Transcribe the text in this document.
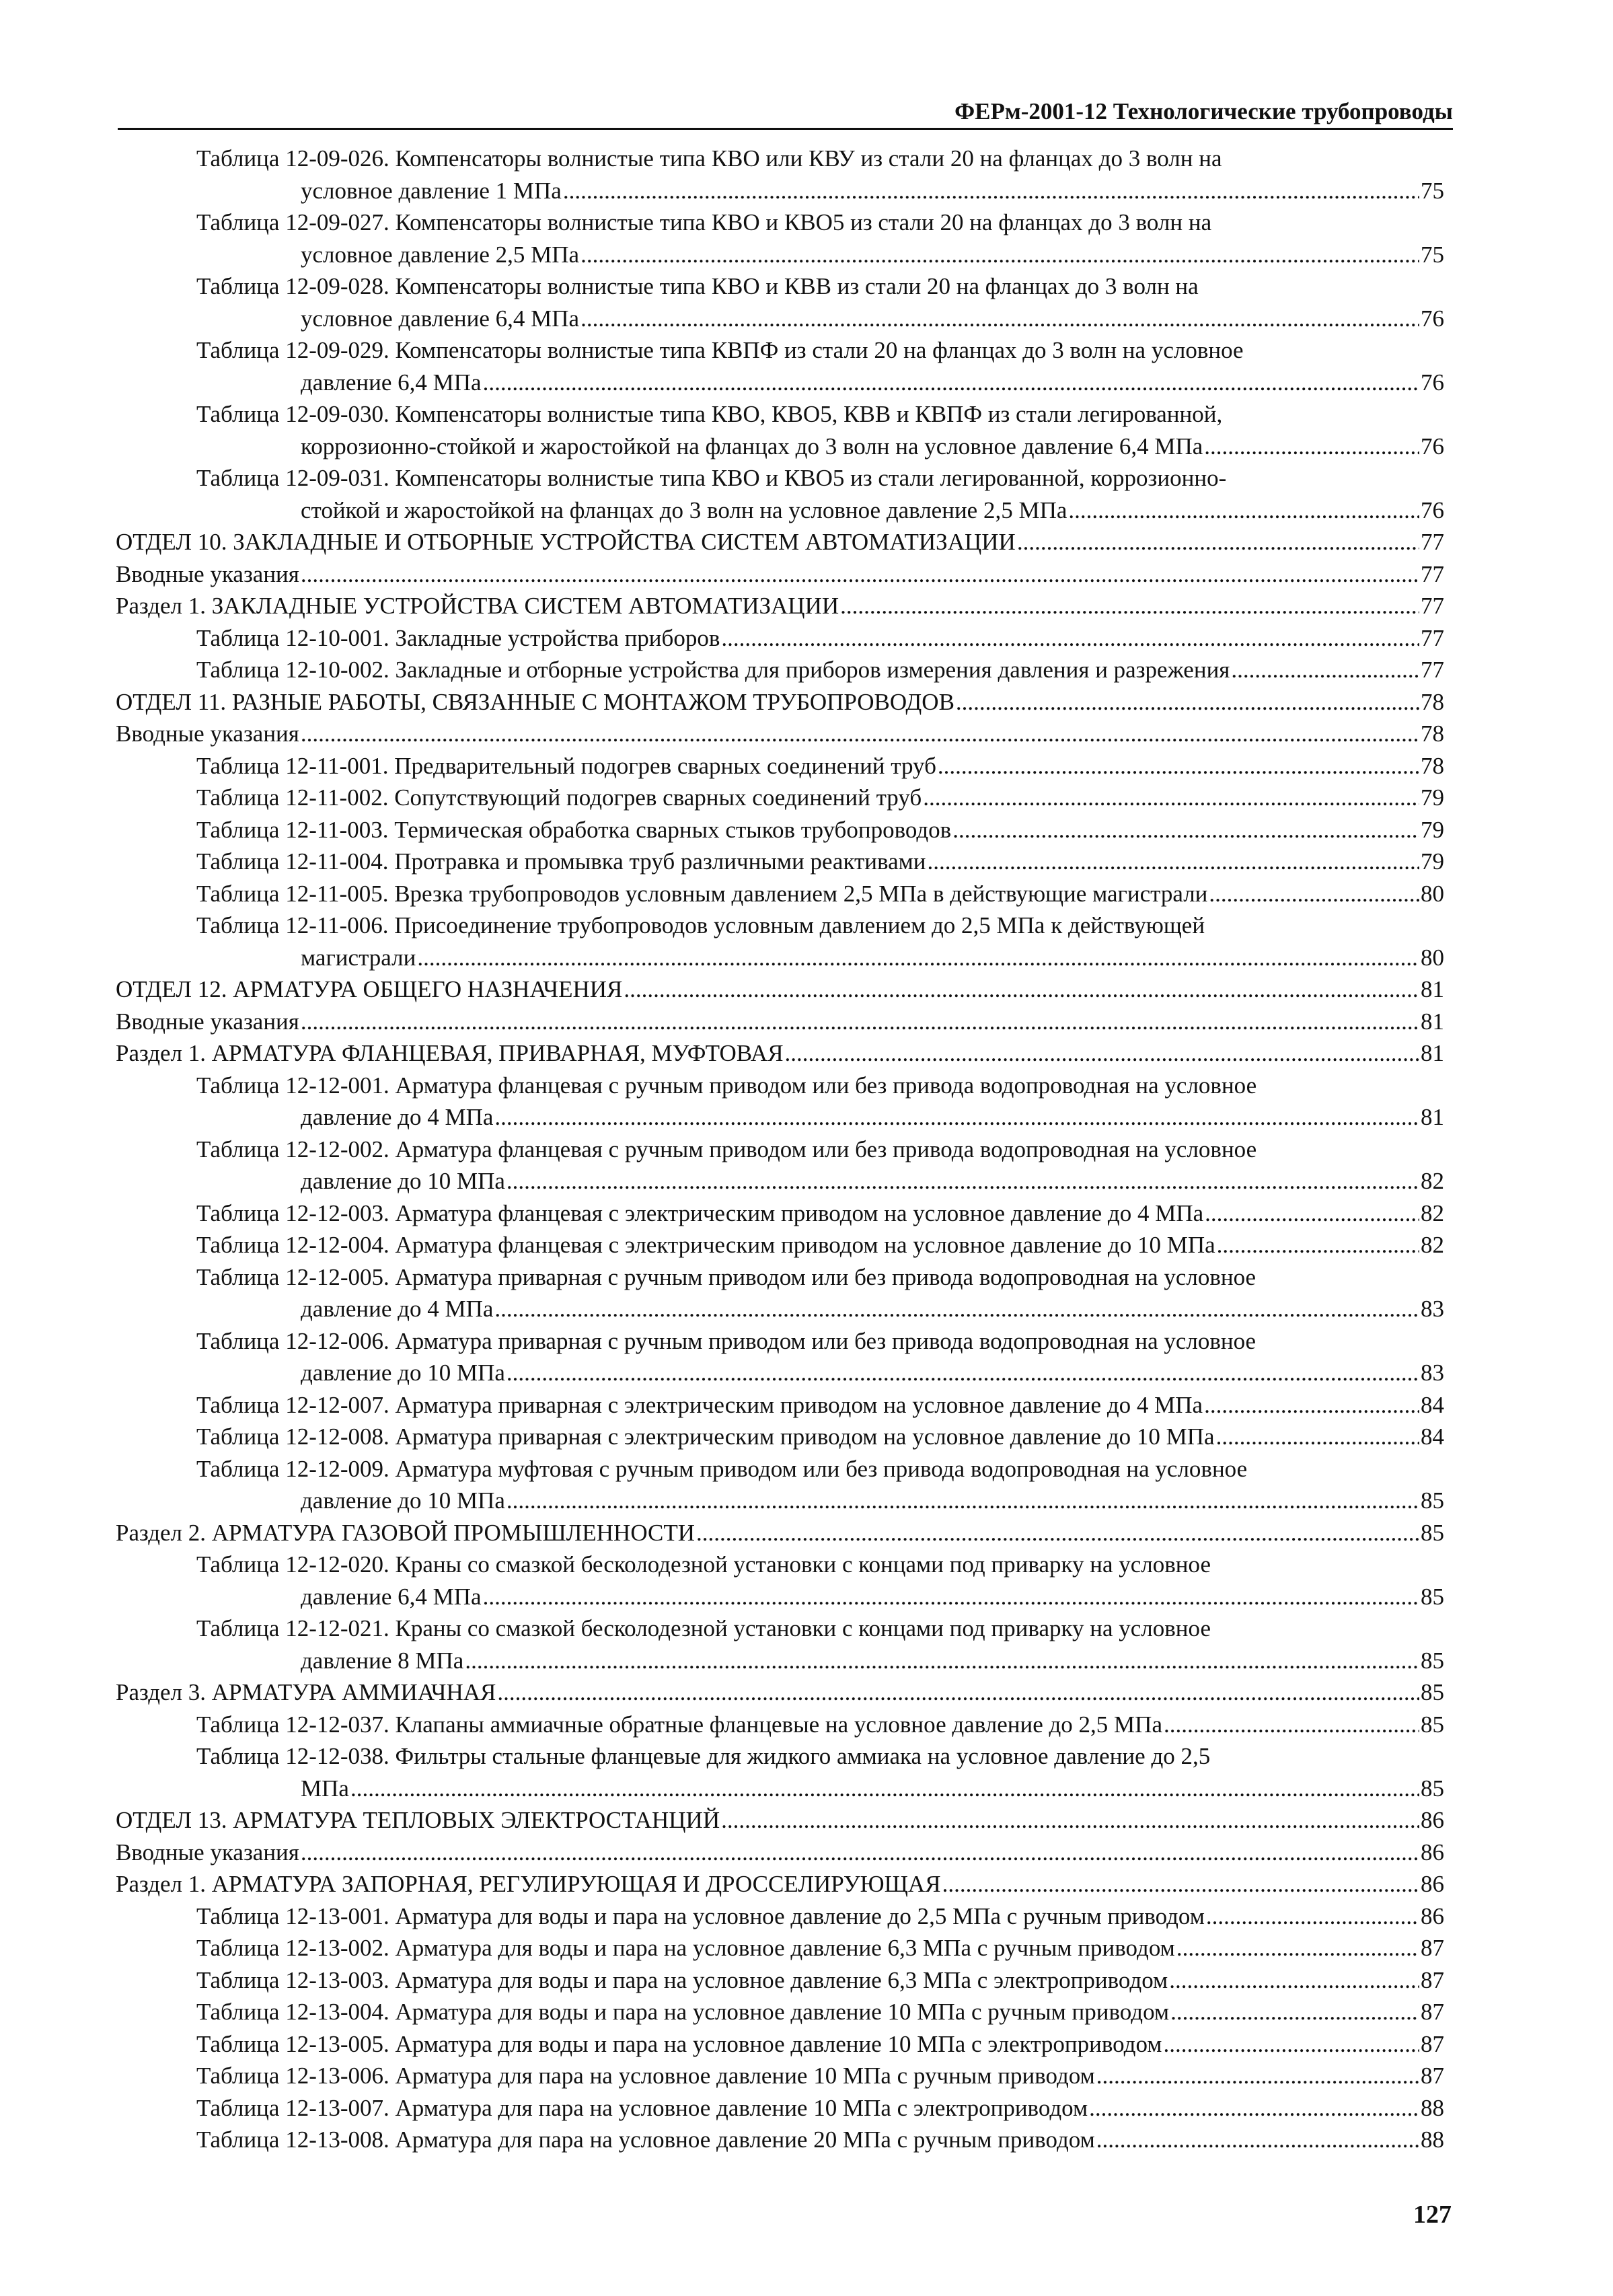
ФЕРм-2001-12 Технологические трубопроводы
Таблица 12-09-026. Компенсаторы волнистые типа КВО или КВУ из стали 20 на фланцах до 3 волн на
условное давление 1 МПа .....	75
Таблица 12-09-027. Компенсаторы волнистые типа КВО и КВО5 из стали 20 на фланцах до 3 волн на
условное давление 2,5 МПа .....	75
Таблица 12-09-028. Компенсаторы волнистые типа КВО и КВВ из стали 20 на фланцах до 3 волн на
условное давление 6,4 МПа .....	76
Таблица 12-09-029. Компенсаторы волнистые типа КВПФ из стали 20 на фланцах до 3 волн на условное
давление 6,4 МПа .....	76
Таблица 12-09-030. Компенсаторы волнистые типа КВО, КВО5, КВВ и КВПФ из стали легированной,
коррозионно-стойкой и жаростойкой на фланцах до 3 волн на условное давление 6,4 МПа .....	76
Таблица 12-09-031. Компенсаторы волнистые типа КВО и КВО5 из стали легированной, коррозионно-
стойкой и жаростойкой на фланцах до 3 волн на условное давление 2,5 МПа .....	76
ОТДЕЛ 10. ЗАКЛАДНЫЕ И ОТБОРНЫЕ УСТРОЙСТВА СИСТЕМ АВТОМАТИЗАЦИИ .....	77
Вводные указания .....	77
Раздел 1. ЗАКЛАДНЫЕ УСТРОЙСТВА СИСТЕМ АВТОМАТИЗАЦИИ .....	77
Таблица 12-10-001. Закладные устройства приборов .....	77
Таблица 12-10-002. Закладные и отборные устройства для приборов измерения давления и разрежения .....	77
ОТДЕЛ 11. РАЗНЫЕ РАБОТЫ, СВЯЗАННЫЕ С МОНТАЖОМ ТРУБОПРОВОДОВ .....	78
Вводные указания .....	78
Таблица 12-11-001. Предварительный подогрев сварных соединений труб .....	78
Таблица 12-11-002. Сопутствующий подогрев сварных соединений труб .....	79
Таблица 12-11-003. Термическая обработка сварных стыков трубопроводов .....	79
Таблица 12-11-004. Протравка и промывка труб различными реактивами .....	79
Таблица 12-11-005. Врезка трубопроводов условным давлением 2,5 МПа в действующие магистрали .....	80
Таблица 12-11-006. Присоединение трубопроводов условным давлением до 2,5 МПа к действующей
магистрали .....	80
ОТДЕЛ 12. АРМАТУРА ОБЩЕГО НАЗНАЧЕНИЯ .....	81
Вводные указания .....	81
Раздел 1. АРМАТУРА ФЛАНЦЕВАЯ, ПРИВАРНАЯ, МУФТОВАЯ .....	81
Таблица 12-12-001. Арматура фланцевая с ручным приводом или без привода водопроводная на условное
давление до 4 МПа .....	81
Таблица 12-12-002. Арматура фланцевая с ручным приводом или без привода водопроводная на условное
давление до 10 МПа .....	82
Таблица 12-12-003. Арматура фланцевая с электрическим приводом на условное давление до 4 МПа .....	82
Таблица 12-12-004. Арматура фланцевая с электрическим приводом на условное давление до 10 МПа .....	82
Таблица 12-12-005. Арматура приварная с ручным приводом или без привода водопроводная на условное
давление до 4 МПа .....	83
Таблица 12-12-006. Арматура приварная с ручным приводом или без привода водопроводная на условное
давление до 10 МПа .....	83
Таблица 12-12-007. Арматура приварная с электрическим приводом на условное давление до 4 МПа .....	84
Таблица 12-12-008. Арматура приварная с электрическим приводом на условное давление до 10 МПа .....	84
Таблица 12-12-009. Арматура муфтовая с ручным приводом или без привода водопроводная на условное
давление до 10 МПа .....	85
Раздел 2. АРМАТУРА ГАЗОВОЙ ПРОМЫШЛЕННОСТИ .....	85
Таблица 12-12-020. Краны со смазкой бесколодезной установки с концами под приварку на условное
давление 6,4 МПа .....	85
Таблица 12-12-021. Краны со смазкой бесколодезной установки с концами под приварку на условное
давление 8 МПа .....	85
Раздел 3. АРМАТУРА АММИАЧНАЯ .....	85
Таблица 12-12-037. Клапаны аммиачные обратные фланцевые на условное давление до 2,5 МПа .....	85
Таблица 12-12-038. Фильтры стальные фланцевые для жидкого аммиака на условное давление до 2,5
МПа .....	85
ОТДЕЛ 13. АРМАТУРА ТЕПЛОВЫХ ЭЛЕКТРОСТАНЦИЙ .....	86
Вводные указания .....	86
Раздел 1. АРМАТУРА ЗАПОРНАЯ, РЕГУЛИРУЮЩАЯ И ДРОССЕЛИРУЮЩАЯ .....	86
Таблица 12-13-001. Арматура для воды и пара на условное давление до 2,5 МПа с ручным приводом .....	86
Таблица 12-13-002. Арматура для воды и пара на условное давление 6,3 МПа с ручным приводом .....	87
Таблица 12-13-003. Арматура для воды и пара на условное давление 6,3 МПа с электроприводом .....	87
Таблица 12-13-004. Арматура для воды и пара на условное давление 10 МПа с ручным приводом .....	87
Таблица 12-13-005. Арматура для воды и пара на условное давление 10 МПа с электроприводом .....	87
Таблица 12-13-006. Арматура для пара на условное давление 10 МПа с ручным приводом .....	87
Таблица 12-13-007. Арматура для пара на условное давление 10 МПа с электроприводом .....	88
Таблица 12-13-008. Арматура для пара на условное давление 20 МПа с ручным приводом .....	88
127
